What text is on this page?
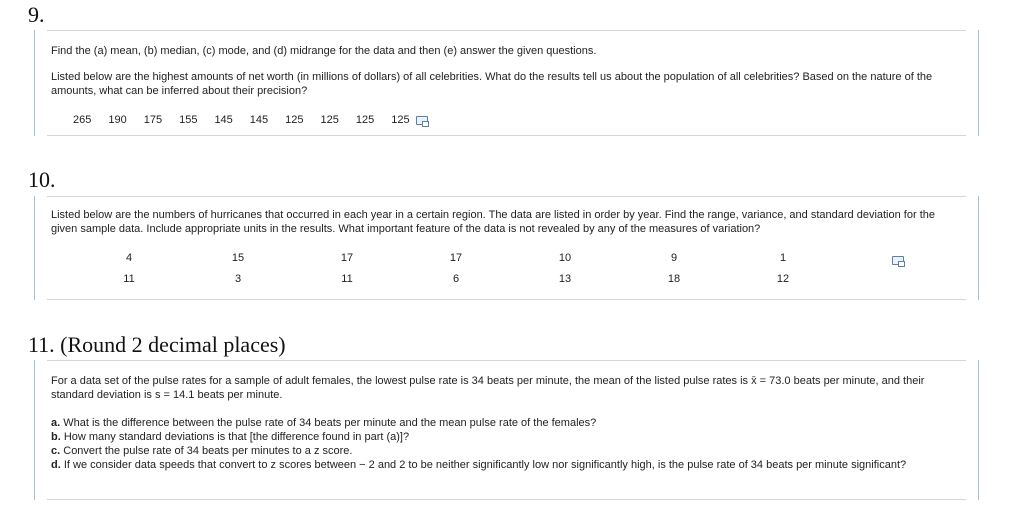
9.
Find the (a) mean, (b) median, (c) mode, and (d) midrange for the data and then (e) answer the given questions.
Listed below are the highest amounts of net worth (in millions of dollars) of all celebrities. What do the results tell us about the population of all celebrities? Based on the nature of the amounts, what can be inferred about their precision?
265 190 175 155 145 145 125 125 125 125
10.
Listed below are the numbers of hurricanes that occurred in each year in a certain region. The data are listed in order by year. Find the range, variance, and standard deviation for the given sample data. Include appropriate units in the results. What important feature of the data is not revealed by any of the measures of variation?
4	15	17	17	10	9	1
11	3	11	6	13	18	12
11. (Round 2 decimal places)
For a data set of the pulse rates for a sample of adult females, the lowest pulse rate is 34 beats per minute, the mean of the listed pulse rates is x̄ = 73.0 beats per minute, and their standard deviation is s = 14.1 beats per minute.
a. What is the difference between the pulse rate of 34 beats per minute and the mean pulse rate of the females?
b. How many standard deviations is that [the difference found in part (a)]?
c. Convert the pulse rate of 34 beats per minutes to a z score.
d. If we consider data speeds that convert to z scores between − 2 and 2 to be neither significantly low nor significantly high, is the pulse rate of 34 beats per minute significant?
